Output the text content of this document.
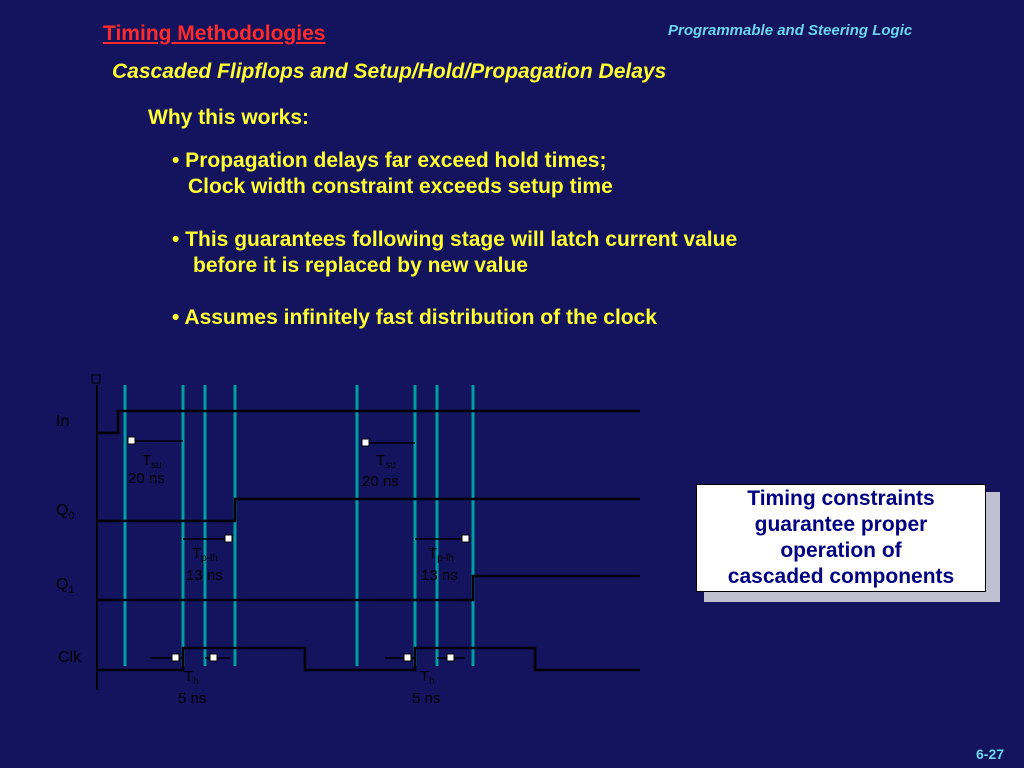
Timing Methodologies	Programmable and Steering Logic
Cascaded Flipflops and Setup/Hold/Propagation Delays
Why this works:
• Propagation delays far exceed hold times;
Clock width constraint exceeds setup time
• This guarantees following stage will latch current value
before it is replaced by new value
• Assumes infinitely fast distribution of the clock
In
$Q_0$
$Q_1$
Clk
$T_{su}$
20 ns
$T_{su}$
20 ns
$T_{p-lh}$
13 ns
$T_{p-lh}$
13 ns
$T_h$
5 ns
$T_h$
5 ns
Timing constraints
guarantee proper
operation of
cascaded components
6-27
